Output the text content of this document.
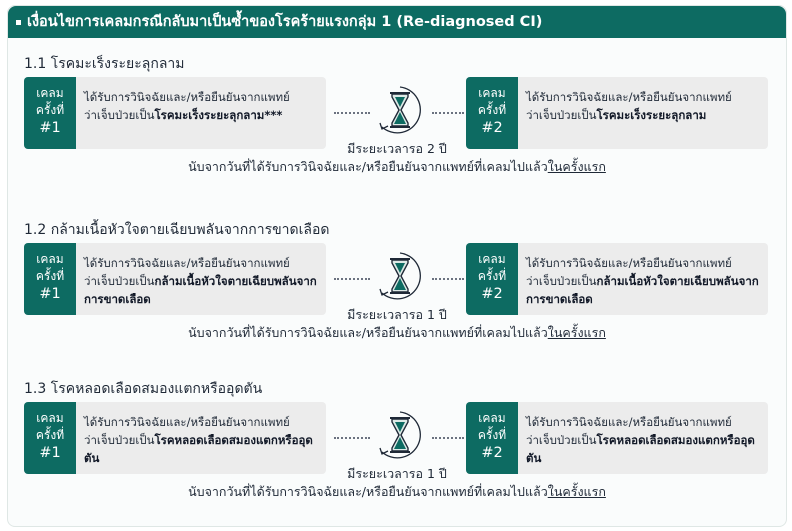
เงื่อนไขการเคลมกรณีกลับมาเป็นซ้ำของโรคร้ายแรงกลุ่ม 1 (Re-diagnosed CI)
1.1 โรคมะเร็งระยะลุกลาม
เคลม
ครั้งที่
#1
ได้รับการวินิจฉัยและ/หรือยืนยันจากแพทย์
ว่าเจ็บป่วยเป็นโรคมะเร็งระยะลุกลาม***
เคลม
ครั้งที่
#2
ได้รับการวินิจฉัยและ/หรือยืนยันจากแพทย์
ว่าเจ็บป่วยเป็นโรคมะเร็งระยะลุกลาม
มีระยะเวลารอ 2 ปี
นับจากวันที่ได้รับการวินิจฉัยและ/หรือยืนยันจากแพทย์ที่เคลมไปแล้วในครั้งแรก
1.2 กล้ามเนื้อหัวใจตายเฉียบพลันจากการขาดเลือด
เคลม
ครั้งที่
#1
ได้รับการวินิจฉัยและ/หรือยืนยันจากแพทย์
ว่าเจ็บป่วยเป็นกล้ามเนื้อหัวใจตายเฉียบพลันจากการขาดเลือด
เคลม
ครั้งที่
#2
ได้รับการวินิจฉัยและ/หรือยืนยันจากแพทย์
ว่าเจ็บป่วยเป็นกล้ามเนื้อหัวใจตายเฉียบพลันจากการขาดเลือด
มีระยะเวลารอ 1 ปี
นับจากวันที่ได้รับการวินิจฉัยและ/หรือยืนยันจากแพทย์ที่เคลมไปแล้วในครั้งแรก
1.3 โรคหลอดเลือดสมองแตกหรืออุดตัน
เคลม
ครั้งที่
#1
ได้รับการวินิจฉัยและ/หรือยืนยันจากแพทย์
ว่าเจ็บป่วยเป็นโรคหลอดเลือดสมองแตกหรืออุดตัน
เคลม
ครั้งที่
#2
ได้รับการวินิจฉัยและ/หรือยืนยันจากแพทย์
ว่าเจ็บป่วยเป็นโรคหลอดเลือดสมองแตกหรืออุดตัน
มีระยะเวลารอ 1 ปี
นับจากวันที่ได้รับการวินิจฉัยและ/หรือยืนยันจากแพทย์ที่เคลมไปแล้วในครั้งแรก
